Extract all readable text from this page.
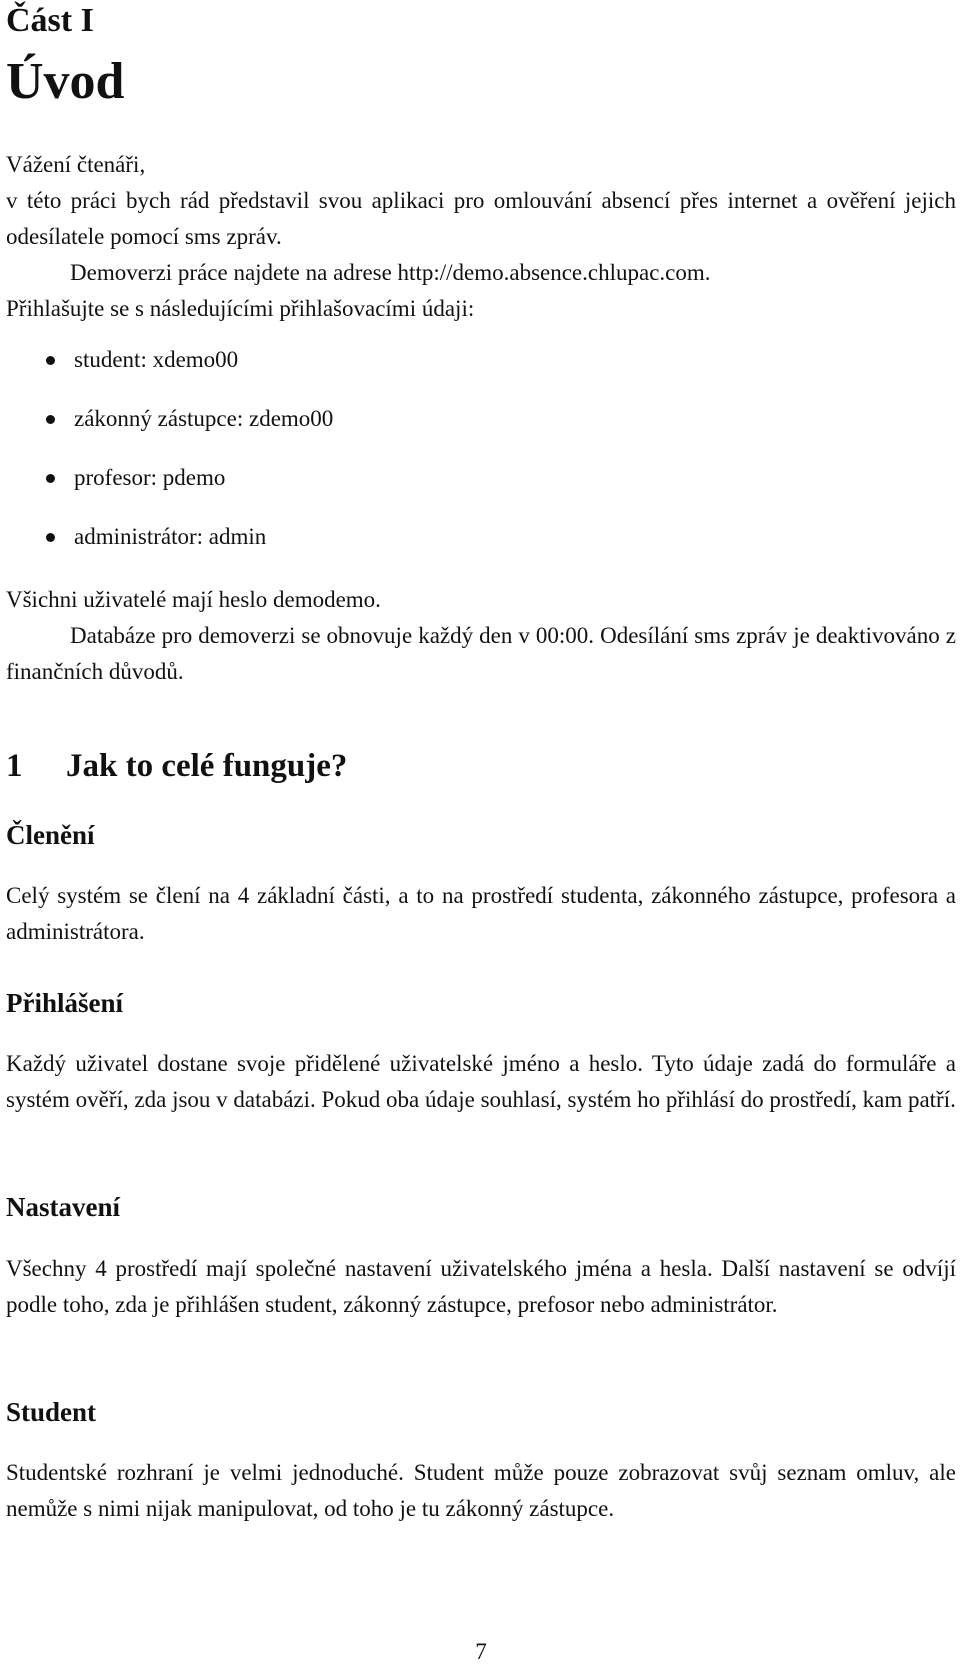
Část I
Úvod

Vážení čtenáři,

v této práci bych rád představil svou aplikaci pro omlouvání absencí přes internet a ověření jejich odesílatele pomocí sms zpráv.

Demoverzi práce najdete na adrese http://demo.absence.chlupac.com.

Přihlašujte se s následujícími přihlašovacími údaji:

student: xdemo00
zákonný zástupce: zdemo00
profesor: pdemo
administrátor: admin

Všichni uživatelé mají heslo demodemo.

Databáze pro demoverzi se obnovuje každý den v 00:00. Odesílání sms zpráv je deaktivováno z finančních důvodů.

1 Jak to celé funguje?
Členění

Celý systém se člení na 4 základní části, a to na prostředí studenta, zákonného zástupce, profesora a administrátora.

Přihlášení

Každý uživatel dostane svoje přidělené uživatelské jméno a heslo. Tyto údaje zadá do formuláře a systém ověří, zda jsou v databázi. Pokud oba údaje souhlasí, systém ho přihlásí do prostředí, kam patří.

Nastavení

Všechny 4 prostředí mají společné nastavení uživatelského jména a hesla. Další nastavení se odvíjí podle toho, zda je přihlášen student, zákonný zástupce, prefosor nebo administrátor.

Student

Studentské rozhraní je velmi jednoduché. Student může pouze zobrazovat svůj seznam omluv, ale nemůže s nimi nijak manipulovat, od toho je tu zákonný zástupce.

7
